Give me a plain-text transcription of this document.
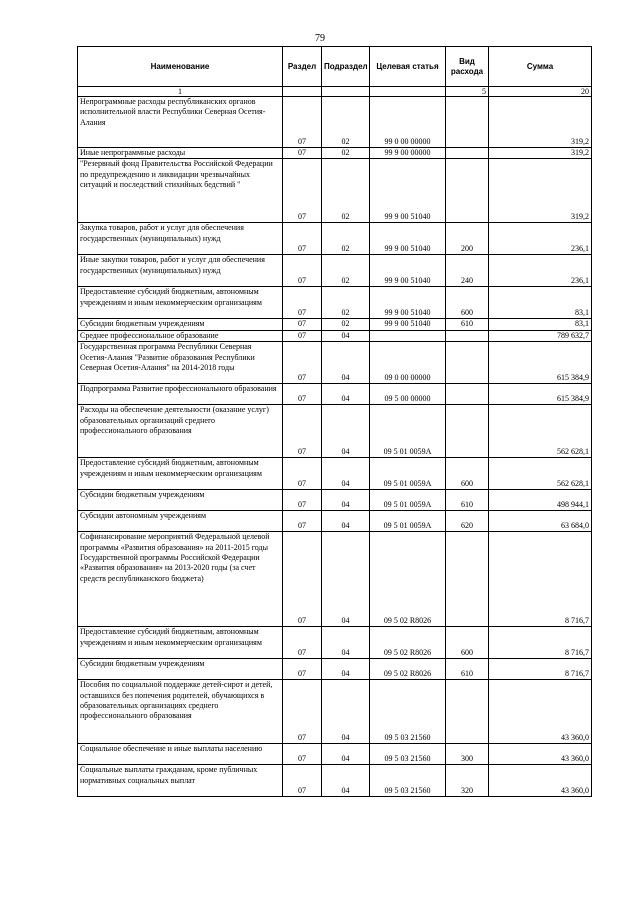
79
Наименование	Раздел	Подраздел	Целевая статья	Вид расхода	Сумма
1				5	20
Непрограммные расходы республиканских органов исполнительной власти Республики Северная Осетия-Алания	07	02	99 0 00 00000		319,2
Иные непрограммные расходы	07	02	99 9 00 00000		319,2
"Резервный фонд Правительства Российской Федерации по предупреждению и ликвидации чрезвычайных ситуаций и последствий стихийных бедствий "	07	02	99 9 00 51040		319,2
Закупка товаров, работ и услуг для обеспечения государственных (муниципальных) нужд	07	02	99 9 00 51040	200	236,1
Иные закупки товаров, работ и услуг для обеспечения государственных (муниципальных) нужд	07	02	99 9 00 51040	240	236,1
Предоставление субсидий бюджетным, автономным учреждениям и иным некоммерческим организациям	07	02	99 9 00 51040	600	83,1
Субсидии бюджетным учреждениям	07	02	99 9 00 51040	610	83,1
Среднее профессиональное образование	07	04			789 632,7
Государственная программа Республики Северная Осетия-Алания "Развитие образования Республики Северная Осетия-Алания" на 2014-2018 годы	07	04	09 0 00 00000		615 384,9
Подпрограмма Развитие профессионального образования	07	04	09 5 00 00000		615 384,9
Расходы на обеспечение деятельности (оказание услуг) образовательных организаций среднего профессионального образования	07	04	09 5 01 0059А		562 628,1
Предоставление субсидий бюджетным, автономным учреждениям и иным некоммерческим организациям	07	04	09 5 01 0059А	600	562 628,1
Субсидии бюджетным учреждениям	07	04	09 5 01 0059А	610	498 944,1
Субсидии автономным учреждениям	07	04	09 5 01 0059А	620	63 684,0
Софинансирование мероприятий Федеральной целевой программы «Развития образования» на 2011-2015 годы Государственной программы Российской Федерации «Развития образования» на 2013-2020 годы (за счет средств республиканского бюджета)	07	04	09 5 02 R8026		8 716,7
Предоставление субсидий бюджетным, автономным учреждениям и иным некоммерческим организациям	07	04	09 5 02 R8026	600	8 716,7
Субсидии бюджетным учреждениям	07	04	09 5 02 R8026	610	8 716,7
Пособия по социальной поддержке детей-сирот и детей, оставшихся без попечения родителей, обучающихся в образовательных организациях среднего профессионального образования	07	04	09 5 03 21560		43 360,0
Социальное обеспечение и иные выплаты населению	07	04	09 5 03 21560	300	43 360,0
Социальные выплаты гражданам, кроме публичных нормативных социальных выплат	07	04	09 5 03 21560	320	43 360,0
